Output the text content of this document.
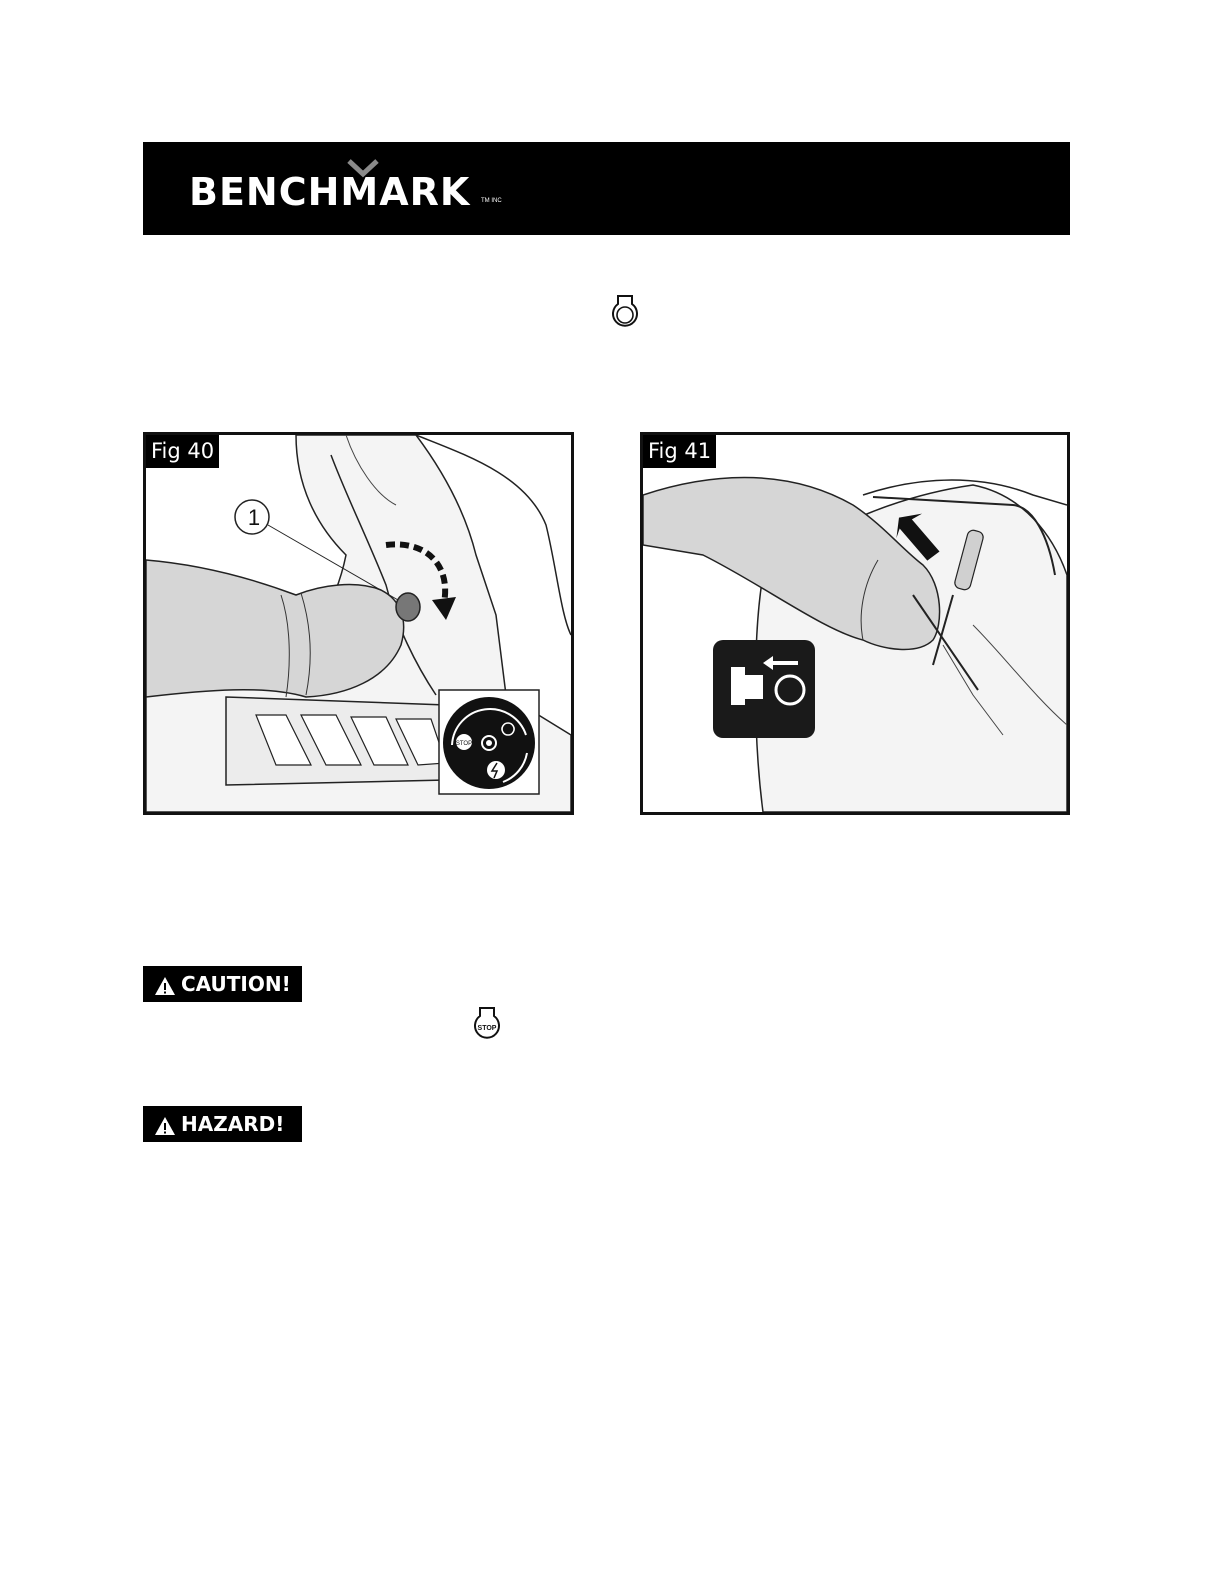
BENCHMARK TM INC
Fig 40
STOP
1
Fig 41
CAUTION!
STOP
HAZARD!
